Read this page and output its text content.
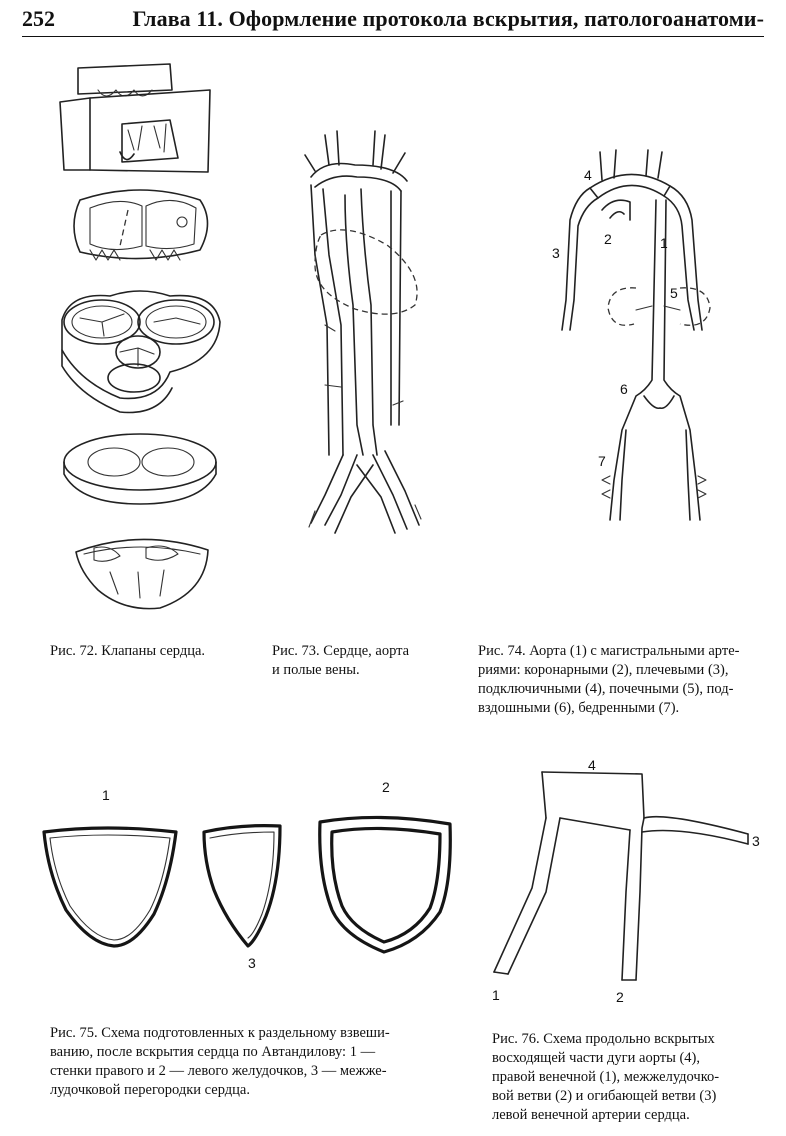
252	Глава 11. Оформление протокола вскрытия, патологоанатоми-
Рис. 72. Клапаны сердца.	Рис. 73. Сердце, аорта
и полые вены.
1
2
3
4
5
6
7
Рис. 74. Аорта (1) с магистральными арте-
риями: коронарными (2), плечевыми (3),
подключичными (4), почечными (5), под-
вздошными (6), бедренными (7).
1	2
3
Рис. 75. Схема подготовленных к раздельному взвеши-
ванию, после вскрытия сердца по Автандилову: 1 —
стенки правого и 2 — левого желудочков, 3 — межже-
лудочковой перегородки сердца.
4
3
1	2
Рис. 76. Схема продольно вскрытых
восходящей части дуги аорты (4),
правой венечной (1), межжелудочко-
вой ветви (2) и огибающей ветви (3)
левой венечной артерии сердца.
